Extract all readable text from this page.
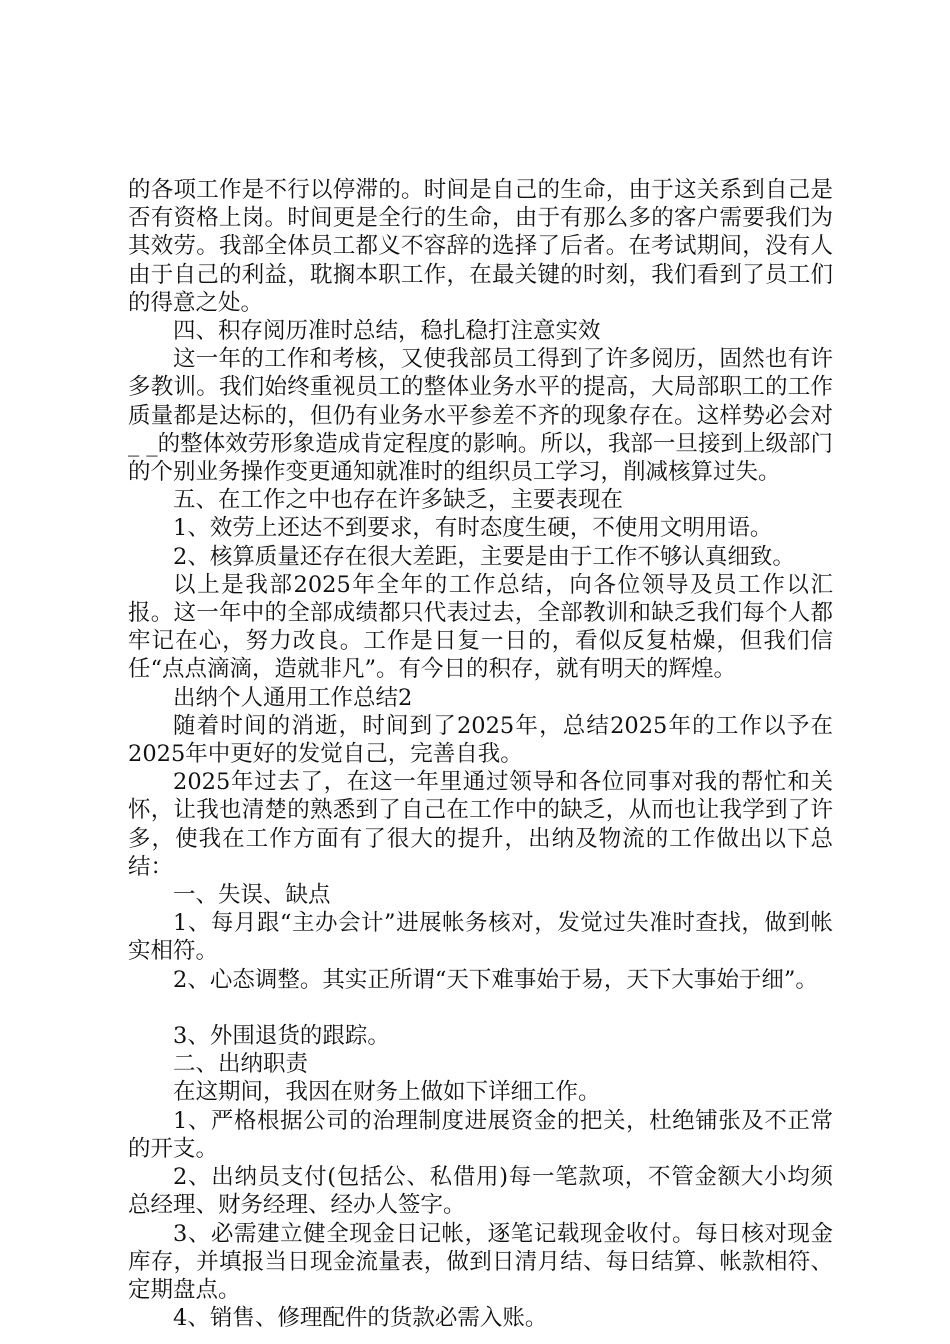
的各项工作是不行以停滞的。时间是自己的生命，由于这关系到自己是否有资格上岗。时间更是全行的生命，由于有那么多的客户需要我们为其效劳。我部全体员工都义不容辞的选择了后者。在考试期间，没有人由于自己的利益，耽搁本职工作，在最关键的时刻，我们看到了员工们的得意之处。

四、积存阅历准时总结，稳扎稳打注意实效

这一年的工作和考核，又使我部员工得到了许多阅历，固然也有许多教训。我们始终重视员工的整体业务水平的提高，大局部职工的工作质量都是达标的，但仍有业务水平参差不齐的现象存在。这样势必会对_ _的整体效劳形象造成肯定程度的影响。所以，我部一旦接到上级部门的个别业务操作变更通知就准时的组织员工学习，削减核算过失。

五、在工作之中也存在许多缺乏，主要表现在

1、效劳上还达不到要求，有时态度生硬，不使用文明用语。

2、核算质量还存在很大差距，主要是由于工作不够认真细致。

以上是我部2025年全年的工作总结，向各位领导及员工作以汇报。这一年中的全部成绩都只代表过去，全部教训和缺乏我们每个人都牢记在心，努力改良。工作是日复一日的，看似反复枯燥，但我们信任“点点滴滴，造就非凡”。有今日的积存，就有明天的辉煌。

出纳个人通用工作总结2

随着时间的消逝，时间到了2025年，总结2025年的工作以予在2025年中更好的发觉自己，完善自我。

2025年过去了，在这一年里通过领导和各位同事对我的帮忙和关怀，让我也清楚的熟悉到了自己在工作中的缺乏，从而也让我学到了许多，使我在工作方面有了很大的提升，出纳及物流的工作做出以下总结：

一、失误、缺点

1、每月跟“主办会计”进展帐务核对，发觉过失准时查找，做到帐实相符。

2、心态调整。其实正所谓“天下难事始于易，天下大事始于细”。

3、外围退货的跟踪。

二、出纳职责

在这期间，我因在财务上做如下详细工作。

1、严格根据公司的治理制度进展资金的把关，杜绝铺张及不正常的开支。

2、出纳员支付(包括公、私借用)每一笔款项，不管金额大小均须总经理、财务经理、经办人签字。

3、必需建立健全现金日记帐，逐笔记载现金收付。每日核对现金库存，并填报当日现金流量表，做到日清月结、每日结算、帐款相符、定期盘点。

4、销售、修理配件的货款必需入账。
